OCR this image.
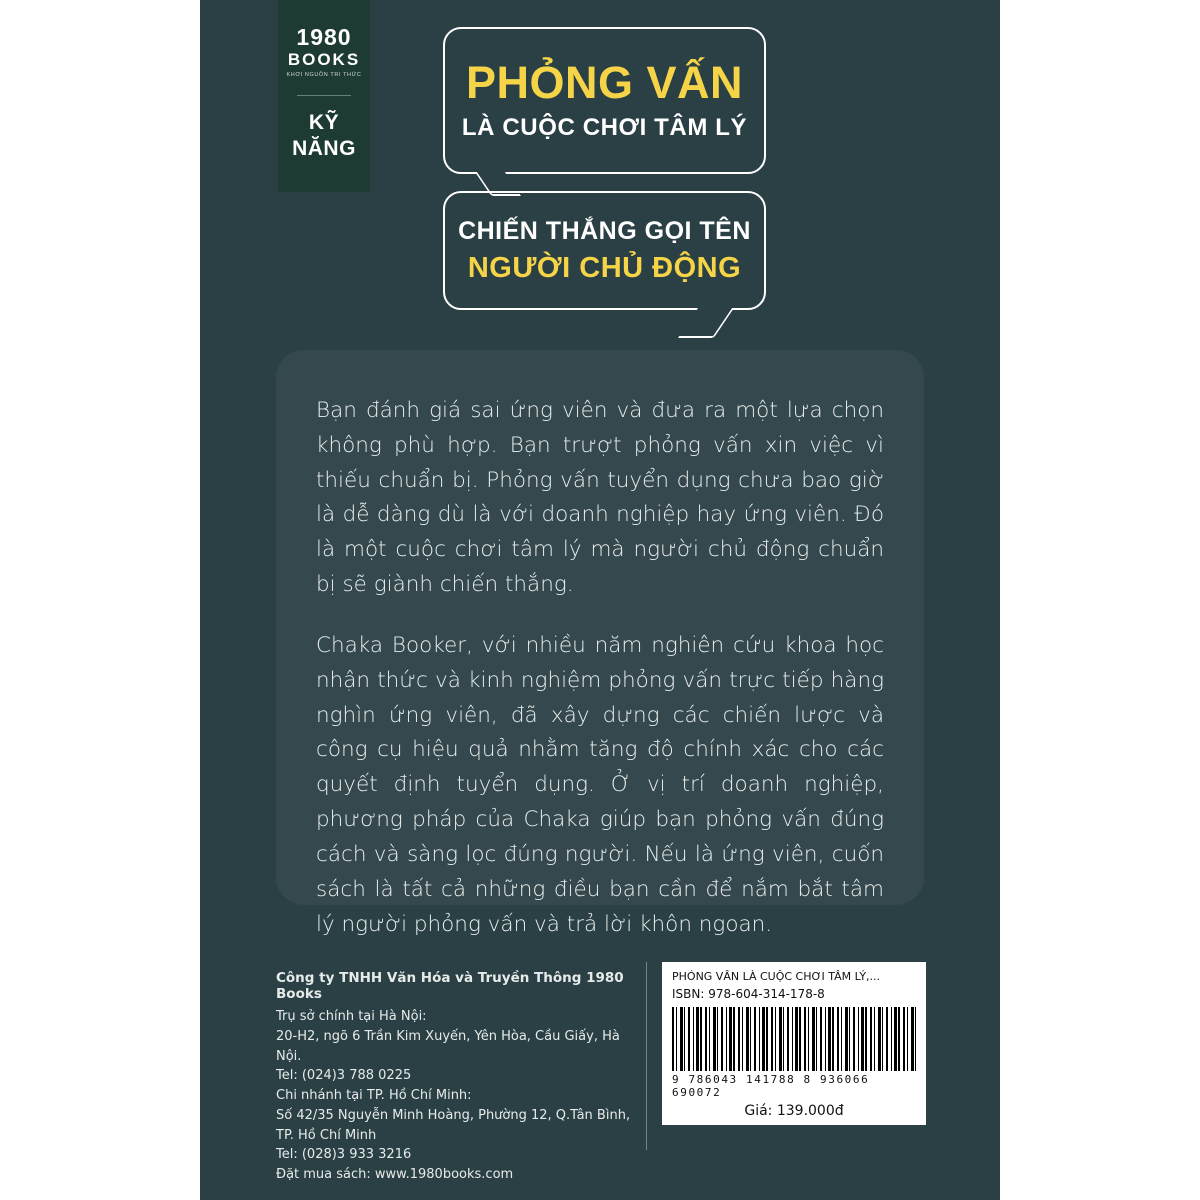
1980
BOOKS
KHƠI NGUỒN TRI THỨC
KỸ
NĂNG
PHỎNG VẤN
LÀ CUỘC CHƠI TÂM LÝ
CHIẾN THẮNG GỌI TÊN
NGƯỜI CHỦ ĐỘNG

Bạn đánh giá sai ứng viên và đưa ra một lựa chọn không phù hợp. Bạn trượt phỏng vấn xin việc vì thiếu chuẩn bị. Phỏng vấn tuyển dụng chưa bao giờ là dễ dàng dù là với doanh nghiệp hay ứng viên. Đó là một cuộc chơi tâm lý mà người chủ động chuẩn bị sẽ giành chiến thắng.

Chaka Booker, với nhiều năm nghiên cứu khoa học nhận thức và kinh nghiệm phỏng vấn trực tiếp hàng nghìn ứng viên, đã xây dựng các chiến lược và công cụ hiệu quả nhằm tăng độ chính xác cho các quyết định tuyển dụng. Ở vị trí doanh nghiệp, phương pháp của Chaka giúp bạn phỏng vấn đúng cách và sàng lọc đúng người. Nếu là ứng viên, cuốn sách là tất cả những điều bạn cần để nắm bắt tâm lý người phỏng vấn và trả lời khôn ngoan.

Công ty TNHH Văn Hóa và Truyền Thông 1980 Books
Trụ sở chính tại Hà Nội:
20-H2, ngõ 6 Trần Kim Xuyến, Yên Hòa, Cầu Giấy, Hà Nội.
Tel: (024)3 788 0225
Chi nhánh tại TP. Hồ Chí Minh:
Số 42/35 Nguyễn Minh Hoàng, Phường 12, Q.Tân Bình,
TP. Hồ Chí Minh
Tel: (028)3 933 3216
Đặt mua sách: www.1980books.com
PHỎNG VẤN LÀ CUỘC CHƠI TÂM LÝ,...
ISBN: 978-604-314-178-8
9 786043 141788 8 936066 690072
Giá: 139.000đ
